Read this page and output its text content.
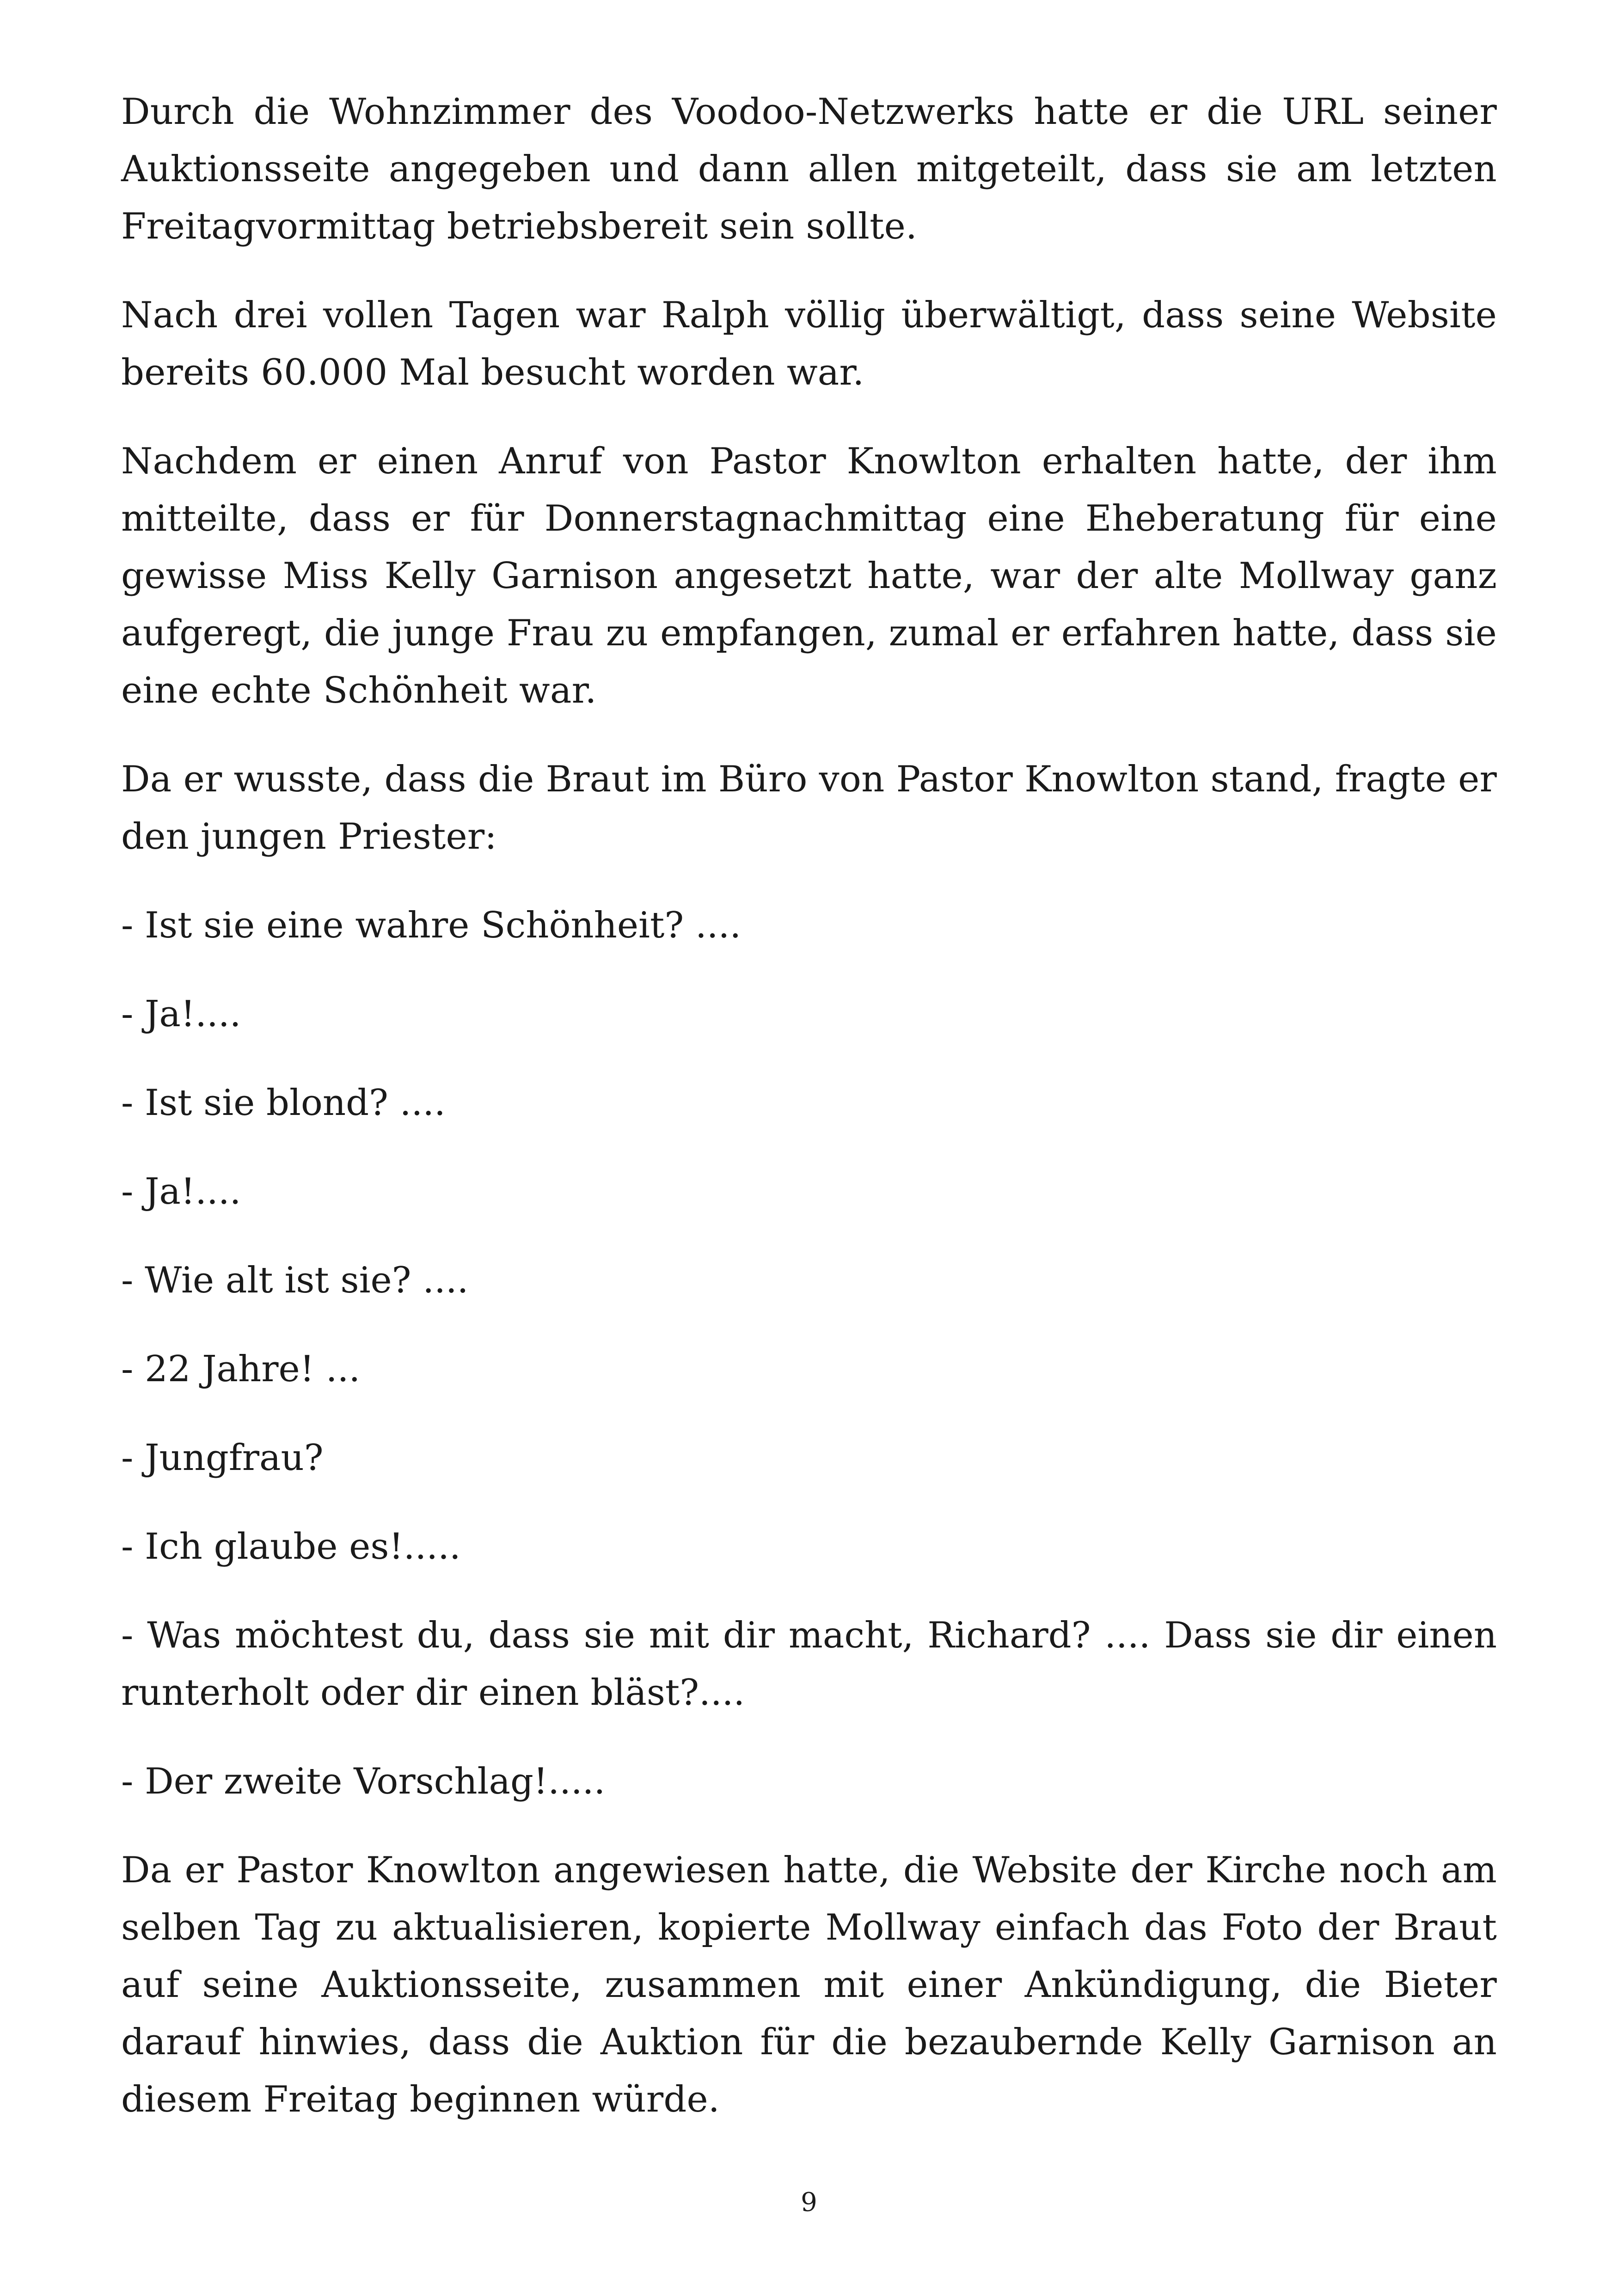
Durch die Wohnzimmer des Voodoo-Netzwerks hatte er die URL seiner Auktionsseite angegeben und dann allen mitgeteilt, dass sie am letzten Freitagvormittag betriebsbereit sein sollte.

Nach drei vollen Tagen war Ralph völlig überwältigt, dass seine Website bereits 60.000 Mal besucht worden war.

Nachdem er einen Anruf von Pastor Knowlton erhalten hatte, der ihm mitteilte, dass er für Donnerstagnachmittag eine Eheberatung für eine gewisse Miss Kelly Garnison angesetzt hatte, war der alte Mollway ganz aufgeregt, die junge Frau zu empfangen, zumal er erfahren hatte, dass sie eine echte Schönheit war.

Da er wusste, dass die Braut im Büro von Pastor Knowlton stand, fragte er den jungen Priester:

- Ist sie eine wahre Schönheit? ....

- Ja!....

- Ist sie blond? ....

- Ja!....

- Wie alt ist sie? ....

- 22 Jahre! ...

- Jungfrau?

- Ich glaube es!.....

- Was möchtest du, dass sie mit dir macht, Richard? .... Dass sie dir einen runterholt oder dir einen bläst?....

- Der zweite Vorschlag!.....

Da er Pastor Knowlton angewiesen hatte, die Website der Kirche noch am selben Tag zu aktualisieren, kopierte Mollway einfach das Foto der Braut auf seine Auktionsseite, zusammen mit einer Ankündigung, die Bieter darauf hinwies, dass die Auktion für die bezaubernde Kelly Garnison an diesem Freitag beginnen würde.

9
